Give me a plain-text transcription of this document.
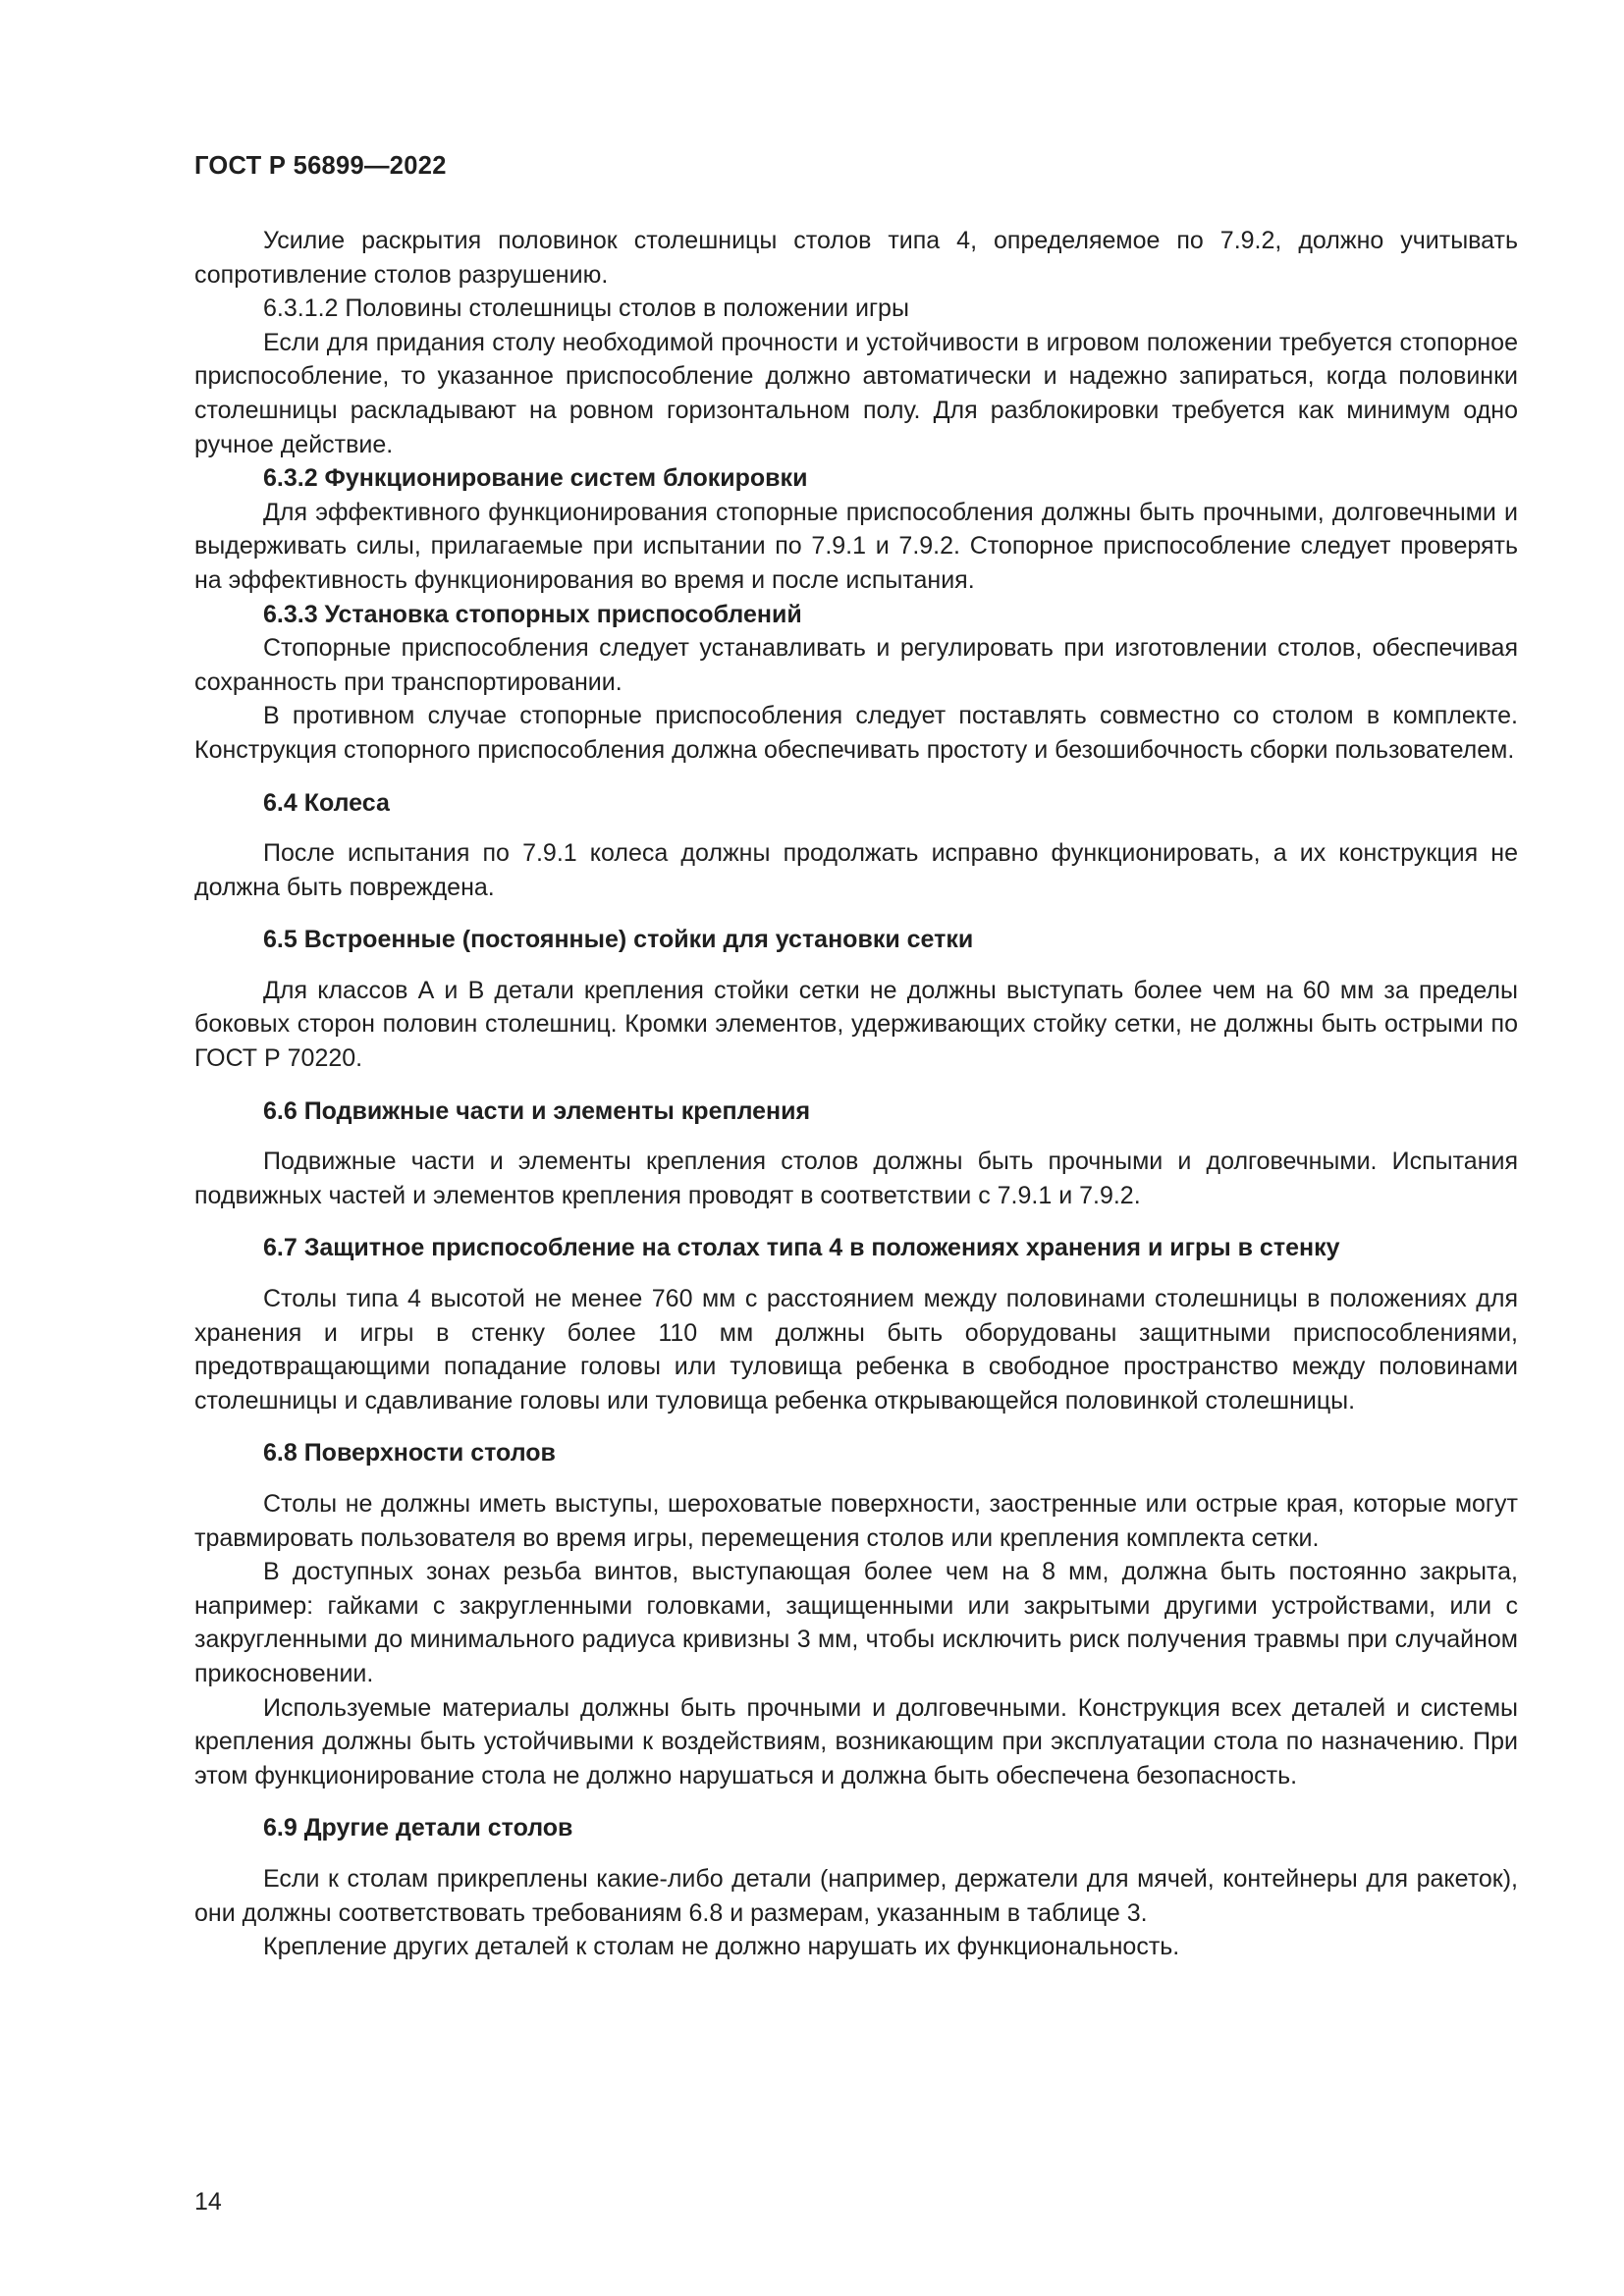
ГОСТ Р 56899—2022

Усилие раскрытия половинок столешницы столов типа 4, определяемое по 7.9.2, должно учитывать сопротивление столов разрушению.

6.3.1.2 Половины столешницы столов в положении игры

Если для придания столу необходимой прочности и устойчивости в игровом положении требуется стопорное приспособление, то указанное приспособление должно автоматически и надежно запираться, когда половинки столешницы раскладывают на ровном горизонтальном полу. Для разблокировки требуется как минимум одно ручное действие.

6.3.2 Функционирование систем блокировки

Для эффективного функционирования стопорные приспособления должны быть прочными, долговечными и выдерживать силы, прилагаемые при испытании по 7.9.1 и 7.9.2. Стопорное приспособление следует проверять на эффективность функционирования во время и после испытания.

6.3.3 Установка стопорных приспособлений

Стопорные приспособления следует устанавливать и регулировать при изготовлении столов, обеспечивая сохранность при транспортировании.

В противном случае стопорные приспособления следует поставлять совместно со столом в комплекте. Конструкция стопорного приспособления должна обеспечивать простоту и безошибочность сборки пользователем.

6.4 Колеса

После испытания по 7.9.1 колеса должны продолжать исправно функционировать, а их конструкция не должна быть повреждена.

6.5 Встроенные (постоянные) стойки для установки сетки

Для классов А и В детали крепления стойки сетки не должны выступать более чем на 60 мм за пределы боковых сторон половин столешниц. Кромки элементов, удерживающих стойку сетки, не должны быть острыми по ГОСТ Р 70220.

6.6 Подвижные части и элементы крепления

Подвижные части и элементы крепления столов должны быть прочными и долговечными. Испытания подвижных частей и элементов крепления проводят в соответствии с 7.9.1 и 7.9.2.

6.7 Защитное приспособление на столах типа 4 в положениях хранения и игры в стенку

Столы типа 4 высотой не менее 760 мм с расстоянием между половинами столешницы в положениях для хранения и игры в стенку более 110 мм должны быть оборудованы защитными приспособлениями, предотвращающими попадание головы или туловища ребенка в свободное пространство между половинами столешницы и сдавливание головы или туловища ребенка открывающейся половинкой столешницы.

6.8 Поверхности столов

Столы не должны иметь выступы, шероховатые поверхности, заостренные или острые края, которые могут травмировать пользователя во время игры, перемещения столов или крепления комплекта сетки.

В доступных зонах резьба винтов, выступающая более чем на 8 мм, должна быть постоянно закрыта, например: гайками с закругленными головками, защищенными или закрытыми другими устройствами, или с закругленными до минимального радиуса кривизны 3 мм, чтобы исключить риск получения травмы при случайном прикосновении.

Используемые материалы должны быть прочными и долговечными. Конструкция всех деталей и системы крепления должны быть устойчивыми к воздействиям, возникающим при эксплуатации стола по назначению. При этом функционирование стола не должно нарушаться и должна быть обеспечена безопасность.

6.9 Другие детали столов

Если к столам прикреплены какие-либо детали (например, держатели для мячей, контейнеры для ракеток), они должны соответствовать требованиям 6.8 и размерам, указанным в таблице 3.

Крепление других деталей к столам не должно нарушать их функциональность.

14
